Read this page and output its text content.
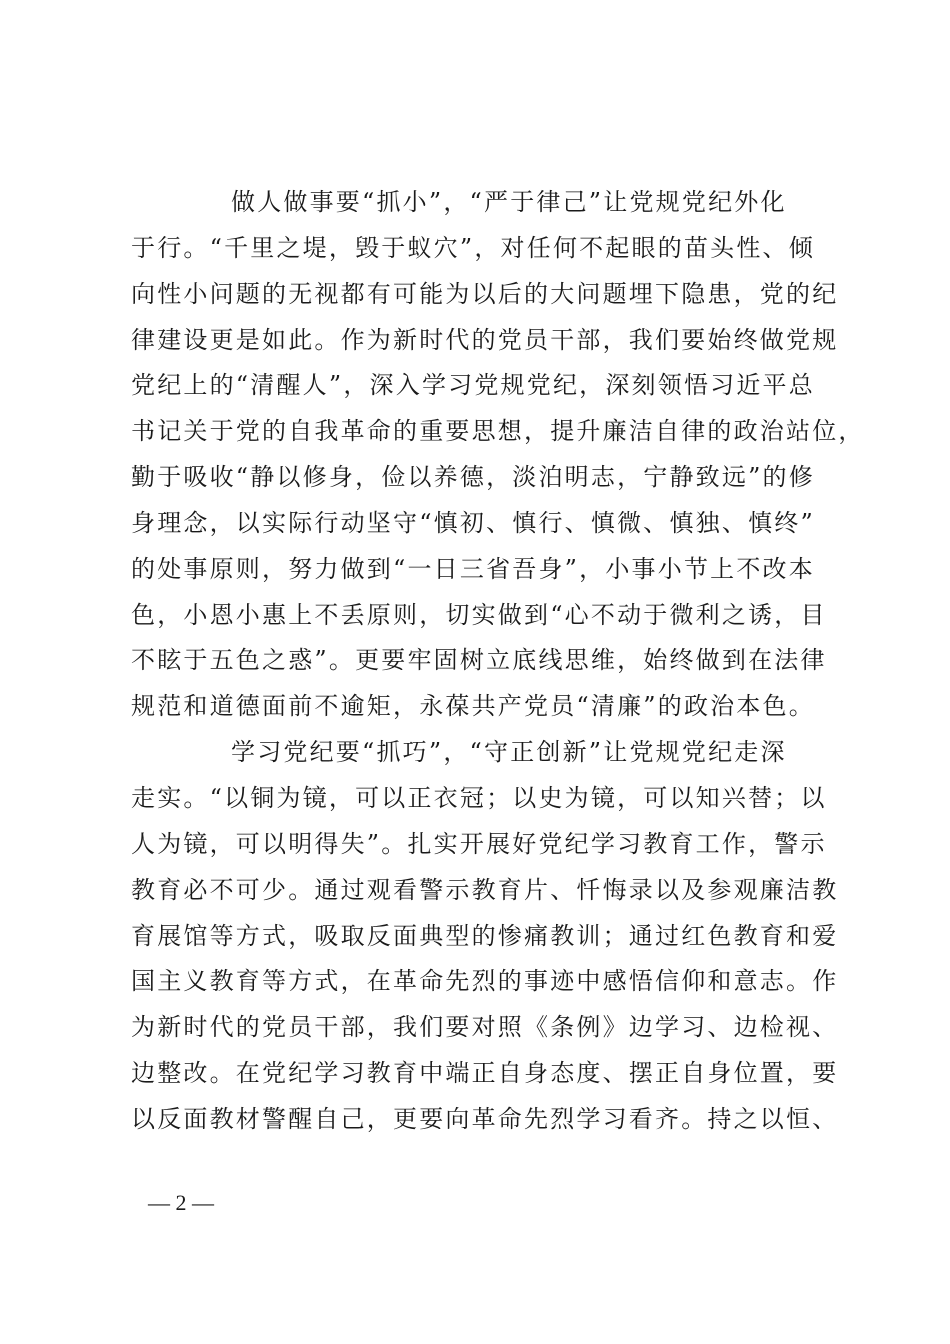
做人做事要“抓小”，“严于律己”让党规党纪外化
于行。“千里之堤，毁于蚁穴”，对任何不起眼的苗头性、倾
向性小问题的无视都有可能为以后的大问题埋下隐患，党的纪
律建设更是如此。作为新时代的党员干部，我们要始终做党规
党纪上的“清醒人”，深入学习党规党纪，深刻领悟习近平总
书记关于党的自我革命的重要思想，提升廉洁自律的政治站位，
勤于吸收“静以修身，俭以养德，淡泊明志，宁静致远”的修
身理念，以实际行动坚守“慎初、慎行、慎微、慎独、慎终”
的处事原则，努力做到“一日三省吾身”，小事小节上不改本
色，小恩小惠上不丢原则，切实做到“心不动于微利之诱，目
不眩于五色之惑”。更要牢固树立底线思维，始终做到在法律
规范和道德面前不逾矩，永葆共产党员“清廉”的政治本色。
学习党纪要“抓巧”，“守正创新”让党规党纪走深
走实。“以铜为镜，可以正衣冠；以史为镜，可以知兴替；以
人为镜，可以明得失”。扎实开展好党纪学习教育工作，警示
教育必不可少。通过观看警示教育片、忏悔录以及参观廉洁教
育展馆等方式，吸取反面典型的惨痛教训；通过红色教育和爱
国主义教育等方式，在革命先烈的事迹中感悟信仰和意志。作
为新时代的党员干部，我们要对照《条例》边学习、边检视、
边整改。在党纪学习教育中端正自身态度、摆正自身位置，要
以反面教材警醒自己，更要向革命先烈学习看齐。持之以恒、
— 2 —
